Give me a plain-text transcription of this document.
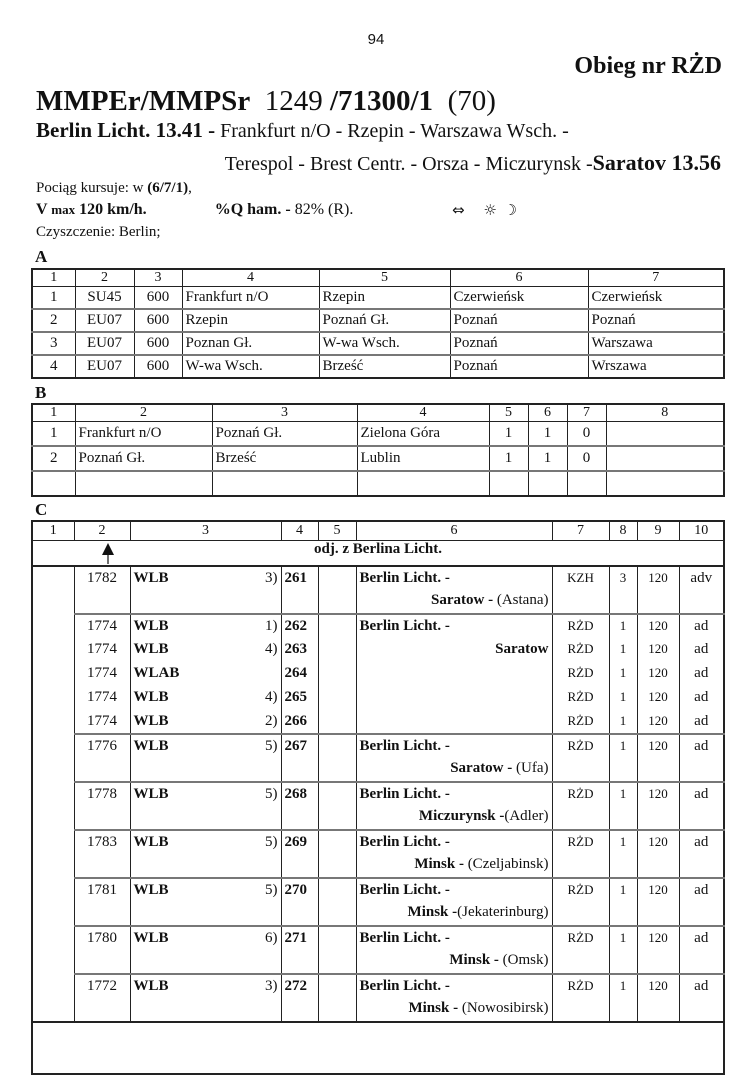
94
Obieg nr RŻD
MMPEr/MMPSr 1249 /71300/1 (70)
Berlin Licht. 13.41 - Frankfurt n/O - Rzepin - Warszawa Wsch. -
Terespol - Brest Centr. - Orsza - Miczurynsk -Saratov 13.56
Pociąg kursuje: w (6/7/1),
V max 120 km/h.	%Q ham. - 82% (R).	⇔ ☼ ☽
Czyszczenie: Berlin;
A
1	2	3	4	5	6	7
1	SU45	600	Frankfurt n/O	Rzepin	Czerwieńsk	Czerwieńsk
2	EU07	600	Rzepin	Poznań Gł.	Poznań	Poznań
3	EU07	600	Poznan Gł.	W-wa Wsch.	Poznań	Warszawa
4	EU07	600	W-wa Wsch.	Brześć	Poznań	Wrszawa
B
1	2	3	4	5	6	7	8
1	Frankfurt n/O	Poznań Gł.	Zielona Góra	1	1	0	
2	Poznań Gł.	Brześć	Lublin	1	1	0	

C
1	2	3	4	5	6	7	8	9	10
odj. z Berlina Licht.									

	1782	WLB 3)	261		Berlin Licht. -
Saratow - (Astana)	KZH	3	120	adv
	1774	WLB 1)	262		Berlin Licht. -	RŻD	1	120	ad
	1774	WLB 4)	263		Saratow	RŻD	1	120	ad
	1774	WLAB	264			RŻD	1	120	ad
	1774	WLB 4)	265			RŻD	1	120	ad
	1774	WLB 2)	266			RŻD	1	120	ad
	1776	WLB 5)	267		Berlin Licht. -
Saratow - (Ufa)	RŻD	1	120	ad
	1778	WLB 5)	268		Berlin Licht. -
Miczurynsk -(Adler)	RŻD	1	120	ad
	1783	WLB 5)	269		Berlin Licht. -
Minsk - (Czeljabinsk)	RŻD	1	120	ad
	1781	WLB 5)	270		Berlin Licht. -
Minsk -(Jekaterinburg)	RŻD	1	120	ad
	1780	WLB 6)	271		Berlin Licht. -
Minsk - (Omsk)	RŻD	1	120	ad
	1772	WLB 3)	272		Berlin Licht. -
Minsk - (Nowosibirsk)	RŻD	1	120	ad
